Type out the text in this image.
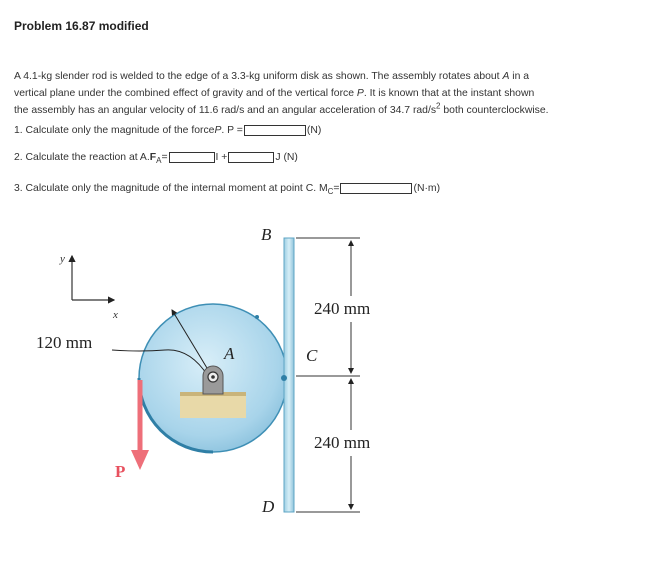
Problem 16.87 modified
A 4.1-kg slender rod is welded to the edge of a 3.3-kg uniform disk as shown. The assembly rotates about A in a
vertical plane under the combined effect of gravity and of the vertical force P. It is known that at the instant shown
the assembly has an angular velocity of 11.6 rad/s and an angular acceleration of 34.7 rad/$s^2$ both counterclockwise.
1. Calculate only the magnitude of the force P . P =	(N)
2. Calculate the reaction at A. F A =	I +	J (N)
3. Calculate only the magnitude of the internal moment at point C. M C =	(N·m)
y
x
B
C
D
A
P
120 mm
240 mm
240 mm
